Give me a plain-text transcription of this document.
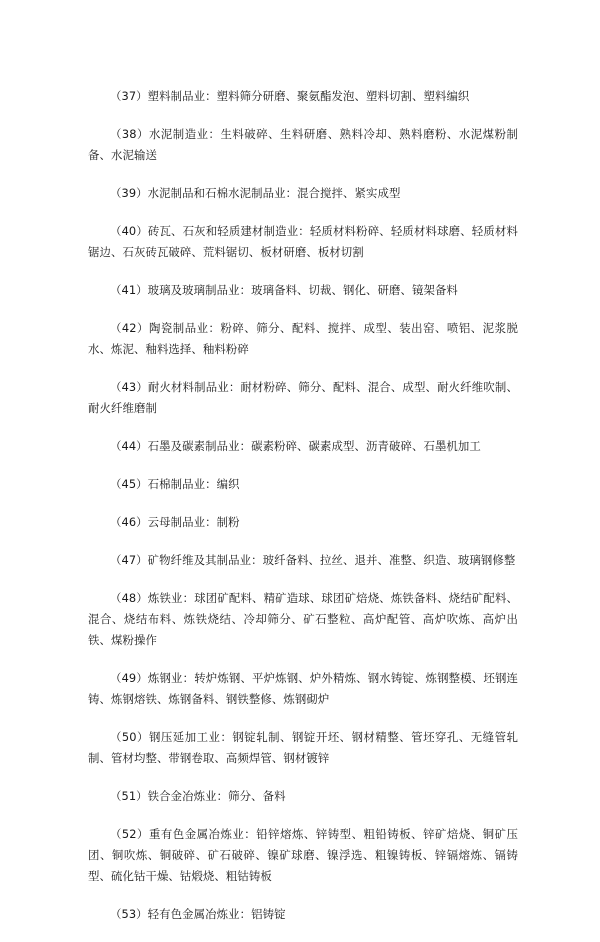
（37）塑料制品业：塑料筛分研磨、聚氨酯发泡、塑料切割、塑料编织

（38）水泥制造业：生料破碎、生料研磨、熟料冷却、熟料磨粉、水泥煤粉制备、水泥输送

（39）水泥制品和石棉水泥制品业：混合搅拌、紧实成型

（40）砖瓦、石灰和轻质建材制造业：轻质材料粉碎、轻质材料球磨、轻质材料锯边、石灰砖瓦破碎、荒料锯切、板材研磨、板材切割

（41）玻璃及玻璃制品业：玻璃备料、切裁、钢化、研磨、镜架备料

（42）陶瓷制品业：粉碎、筛分、配料、搅拌、成型、装出窑、喷铝、泥浆脱水、炼泥、釉料选择、釉料粉碎

（43）耐火材料制品业：耐材粉碎、筛分、配料、混合、成型、耐火纤维吹制、耐火纤维磨制

（44）石墨及碳素制品业：碳素粉碎、碳素成型、沥青破碎、石墨机加工

（45）石棉制品业：编织

（46）云母制品业：制粉

（47）矿物纤维及其制品业：玻纤备料、拉丝、退并、准整、织造、玻璃钢修整

（48）炼铁业：球团矿配料、精矿造球、球团矿焙烧、炼铁备料、烧结矿配料、混合、烧结布料、炼铁烧结、冷却筛分、矿石整粒、高炉配管、高炉吹炼、高炉出铁、煤粉操作

（49）炼钢业：转炉炼钢、平炉炼钢、炉外精炼、钢水铸锭、炼钢整模、坯钢连铸、炼钢熔铁、炼钢备料、钢铁整修、炼钢砌炉

（50）钢压延加工业：钢锭轧制、钢锭开坯、钢材精整、管坯穿孔、无缝管轧制、管材均整、带钢卷取、高频焊管、钢材镀锌

（51）铁合金冶炼业：筛分、备料

（52）重有色金属冶炼业：铅锌熔炼、锌铸型、粗铅铸板、锌矿焙烧、铜矿压团、铜吹炼、铜破碎、矿石破碎、镍矿球磨、镍浮选、粗镍铸板、锌镉熔炼、镉铸型、硫化钴干燥、钴煅烧、粗钴铸板

（53）轻有色金属冶炼业：铝铸锭
